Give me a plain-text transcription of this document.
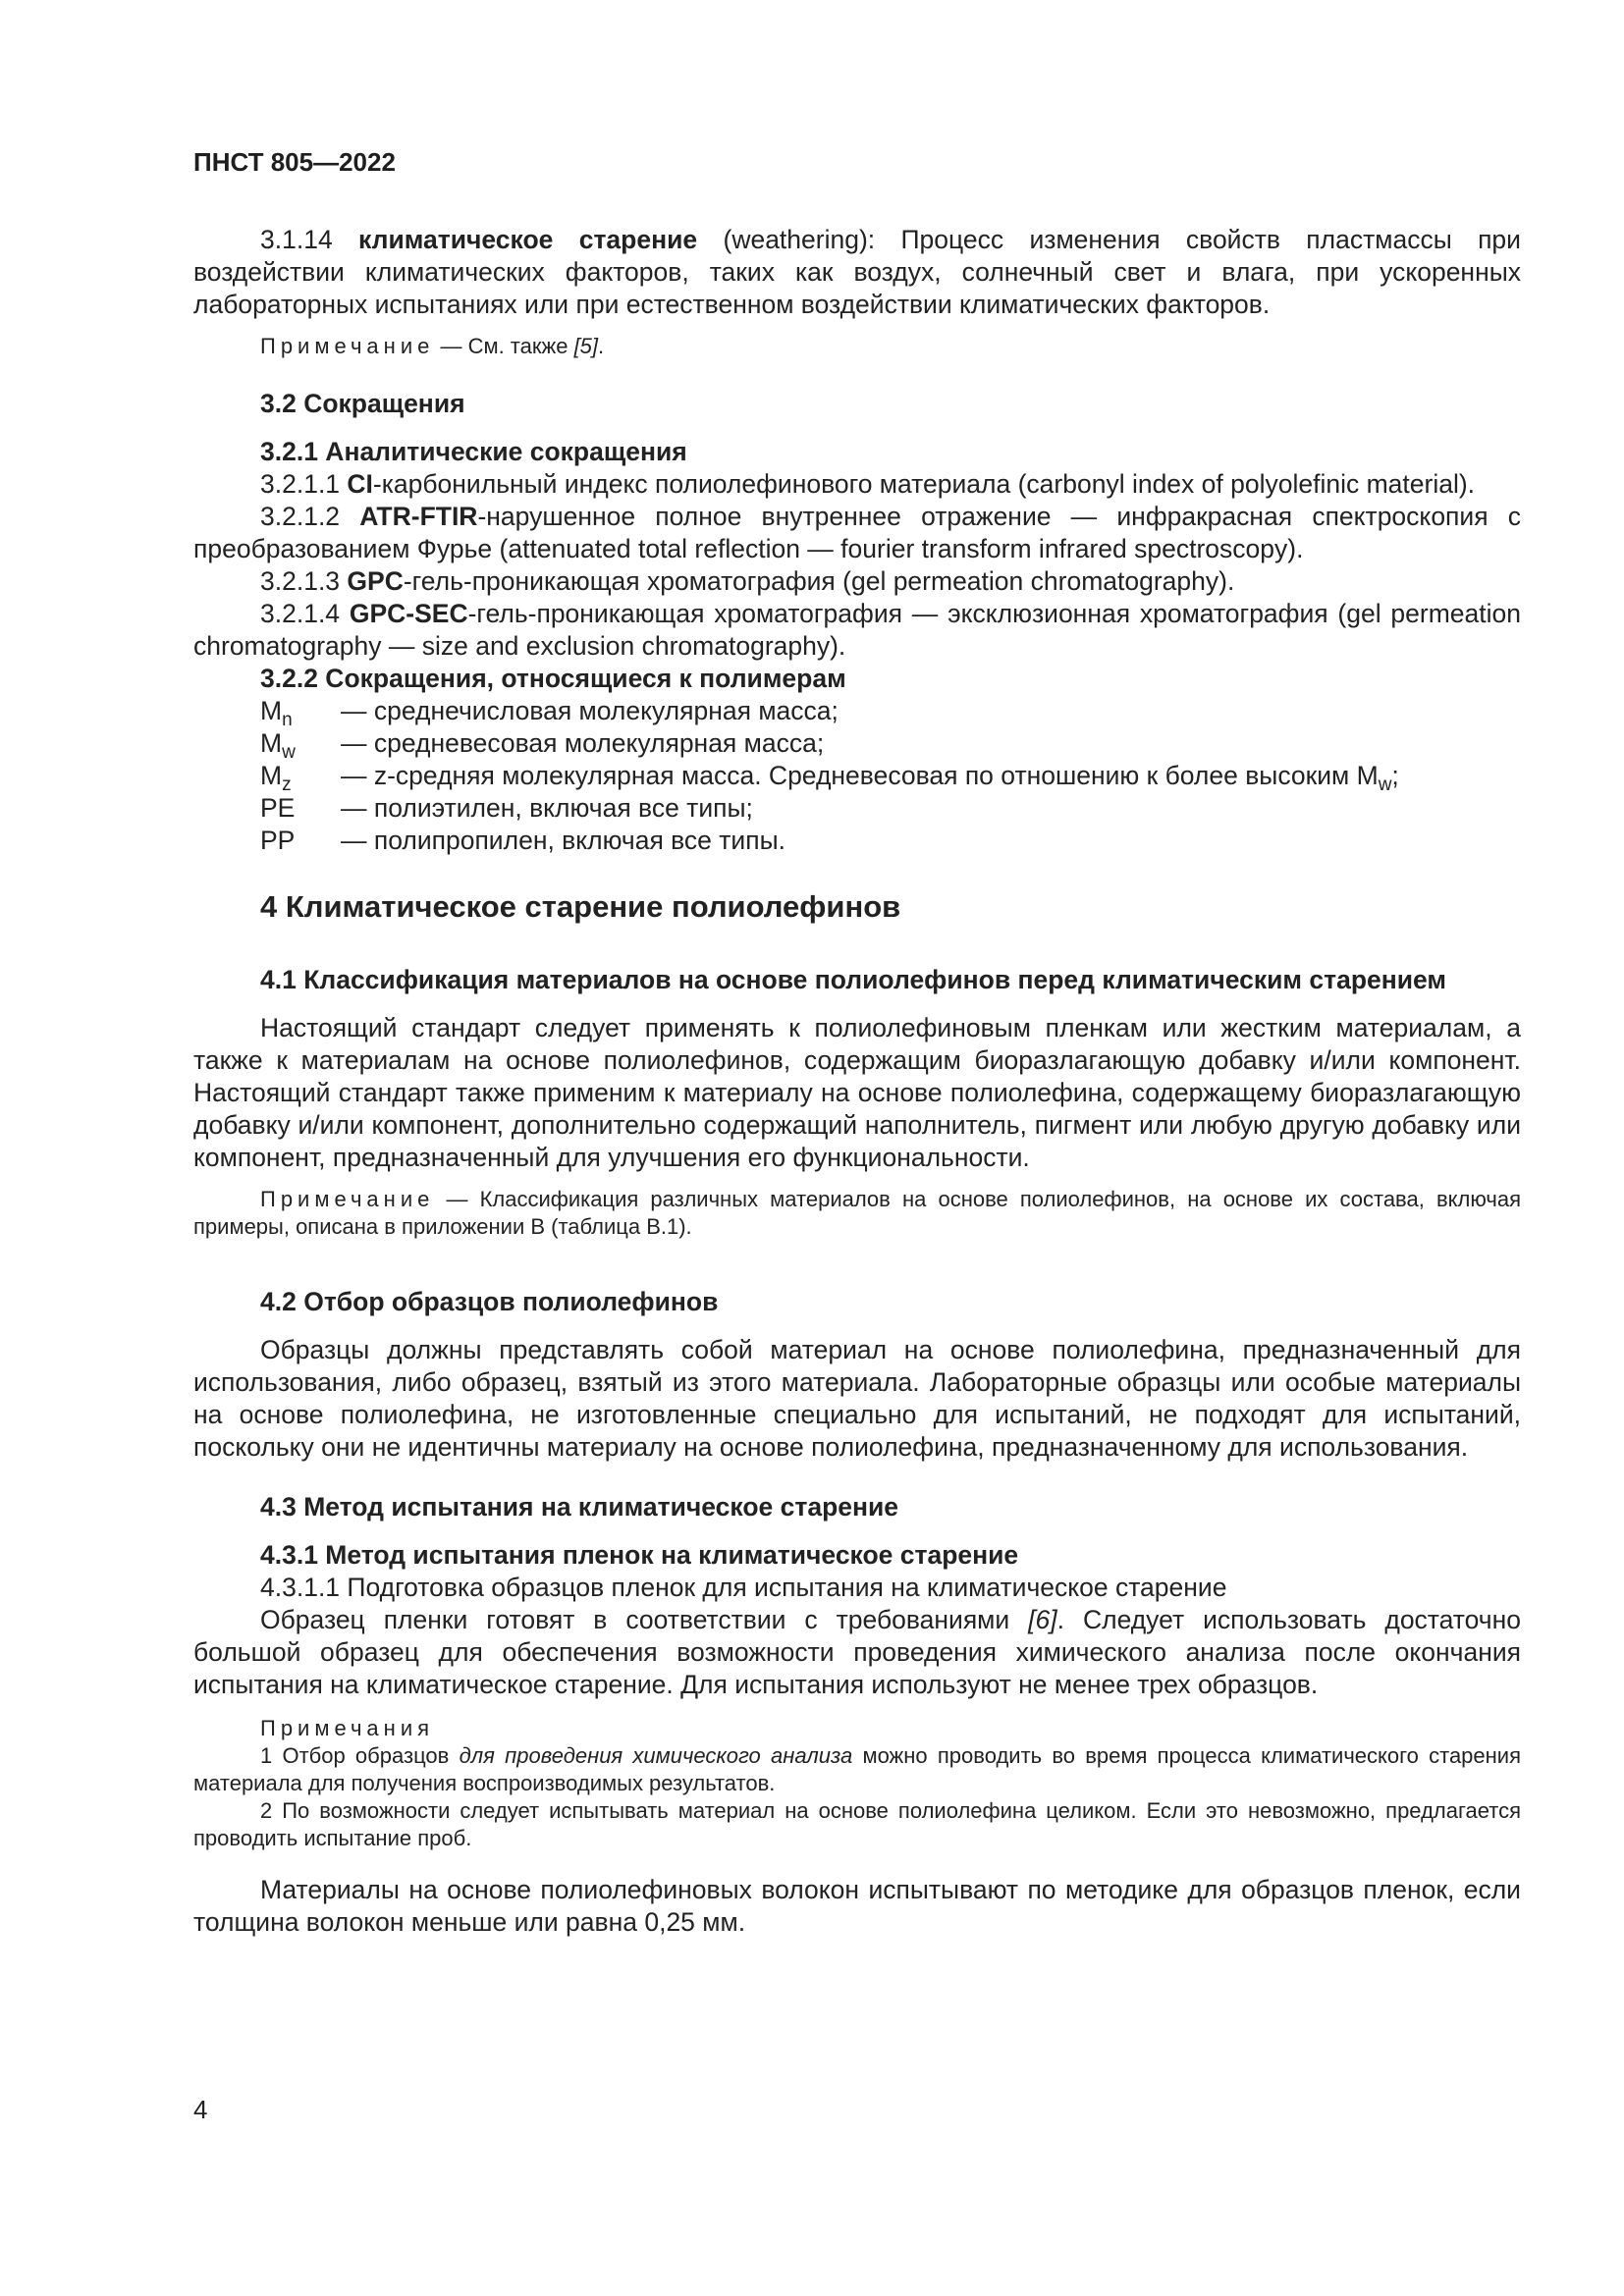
ПНСТ 805—2022

3.1.14 климатическое старение (weathering): Процесс изменения свойств пластмассы при воздействии климатических факторов, таких как воздух, солнечный свет и влага, при ускоренных лабораторных испытаниях или при естественном воздействии климатических факторов.

Примечание — См. также [5].

3.2 Сокращения
3.2.1 Аналитические сокращения

3.2.1.1 CI-карбонильный индекс полиолефинового материала (carbonyl index of polyolefinic material).

3.2.1.2 ATR-FTIR-нарушенное полное внутреннее отражение — инфракрасная спектроскопия с преобразованием Фурье (attenuated total reflection — fourier transform infrared spectroscopy).

3.2.1.3 GPC-гель-проникающая хроматография (gel permeation chromatography).

3.2.1.4 GPC-SEC-гель-проникающая хроматография — эксклюзионная хроматография (gel permeation chromatography — size and exclusion chromatography).

3.2.2 Сокращения, относящиеся к полимерам
$M_n$	— среднечисловая молекулярная масса;
$M_w$	— средневесовая молекулярная масса;
$M_z$	— z-средняя молекулярная масса. Средневесовая по отношению к более высоким $M_w$;
PE	— полиэтилен, включая все типы;
PP	— полипропилен, включая все типы.
4 Климатическое старение полиолефинов
4.1 Классификация материалов на основе полиолефинов перед климатическим старением

Настоящий стандарт следует применять к полиолефиновым пленкам или жестким материалам, а также к материалам на основе полиолефинов, содержащим биоразлагающую добавку и/или компонент. Настоящий стандарт также применим к материалу на основе полиолефина, содержащему биоразлагающую добавку и/или компонент, дополнительно содержащий наполнитель, пигмент или любую другую добавку или компонент, предназначенный для улучшения его функциональности.

Примечание — Классификация различных материалов на основе полиолефинов, на основе их состава, включая примеры, описана в приложении В (таблица В.1).

4.2 Отбор образцов полиолефинов

Образцы должны представлять собой материал на основе полиолефина, предназначенный для использования, либо образец, взятый из этого материала. Лабораторные образцы или особые материалы на основе полиолефина, не изготовленные специально для испытаний, не подходят для испытаний, поскольку они не идентичны материалу на основе полиолефина, предназначенному для использования.

4.3 Метод испытания на климатическое старение
4.3.1 Метод испытания пленок на климатическое старение

4.3.1.1 Подготовка образцов пленок для испытания на климатическое старение

Образец пленки готовят в соответствии с требованиями [6]. Следует использовать достаточно большой образец для обеспечения возможности проведения химического анализа после окончания испытания на климатическое старение. Для испытания используют не менее трех образцов.

Примечания

1 Отбор образцов для проведения химического анализа можно проводить во время процесса климатического старения материала для получения воспроизводимых результатов.

2 По возможности следует испытывать материал на основе полиолефина целиком. Если это невозможно, предлагается проводить испытание проб.

Материалы на основе полиолефиновых волокон испытывают по методике для образцов пленок, если толщина волокон меньше или равна 0,25 мм.

4
